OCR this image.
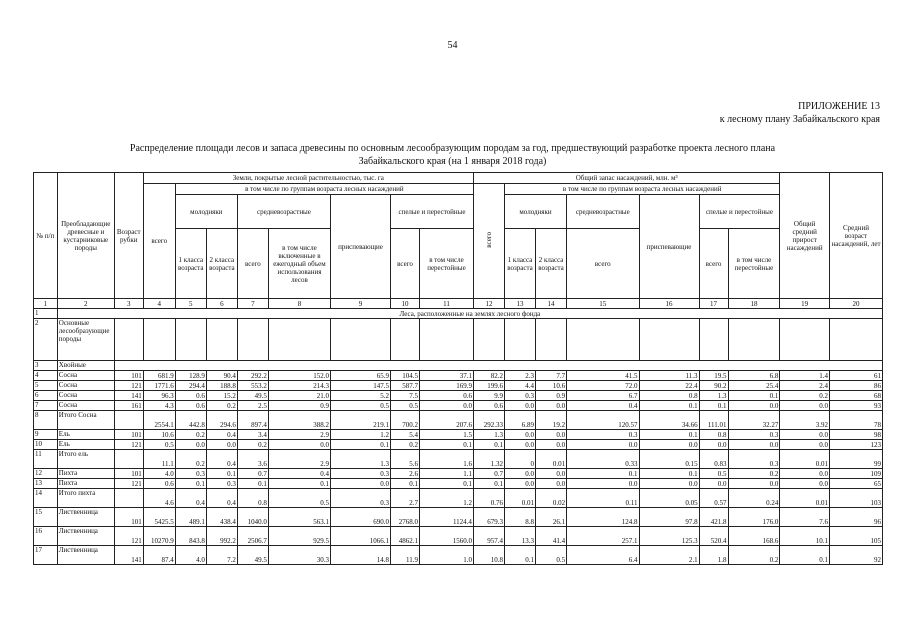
54
ПРИЛОЖЕНИЕ 13
к лесному плану Забайкальского края
Распределение площади лесов и запаса древесины по основным лесообразующим породам за год, предшествующий разработке проекта лесного плана
Забайкальского края (на 1 января 2018 года)
№ п/п	Преобладающие древесные и кустарниковые породы	Возраст рубки	Земли, покрытые лесной растительностью, тыс. га								Общий запас насаждений, млн. м³							Общий средний прирост насаждений	Средний возраст насаждений, лет
			всего	в том числе по группам возраста лесных насаждений							всего	в том числе по группам возраста лесных насаждений							
				молодняки		средневозрастные		приспевающие	спелые и перестойные			молодняки		средневозрастные	приспевающие	спелые и перестойные			
				1 класса возраста	2 класса возраста	всего	в том числе включенные в ежегодный объем использования лесов		всего	в том числе перестойные		1 класса возраста	2 класса возраста	всего		всего	в том числе перестойные		
1	2	3	4	5	6	7	8	9	10	11	12	13	14	15	16	17	18	19	20
1	Леса, расположенные на землях лесного фонда																		
2	Основные лесообразующие породы																		
3	Хвойные																		
4	Сосна	101	681.9	128.9	90.4	292.2	152.0	65.9	104.5	37.1	82.2	2.3	7.7	41.5	11.3	19.5	6.8	1.4	61
5	Сосна	121	1771.6	294.4	188.8	553.2	214.3	147.5	587.7	169.9	199.6	4.4	10.6	72.0	22.4	90.2	25.4	2.4	86
6	Сосна	141	96.3	0.6	15.2	49.5	21.0	5.2	7.5	0.6	9.9	0.3	0.9	6.7	0.8	1.3	0.1	0.2	68
7	Сосна	161	4.3	0.6	0.2	2.5	0.9	0.5	0.5	0.0	0.6	0.0	0.0	0.4	0.1	0.1	0.0	0.0	93
8	Итого Сосна		2554.1	442.8	294.6	897.4	388.2	219.1	700.2	207.6	292.33	6.89	19.2	120.57	34.66	111.01	32.27	3.92	78
9	Ель	101	10.6	0.2	0.4	3.4	2.9	1.2	5.4	1.5	1.3	0.0	0.0	0.3	0.1	0.8	0.3	0.0	98
10	Ель	121	0.5	0.0	0.0	0.2	0.0	0.1	0.2	0.1	0.1	0.0	0.0	0.0	0.0	0.0	0.0	0.0	123
11	Итого ель		11.1	0.2	0.4	3.6	2.9	1.3	5.6	1.6	1.32	0	0.01	0.33	0.15	0.83	0.3	0.01	99
12	Пихта	101	4.0	0.3	0.1	0.7	0.4	0.3	2.6	1.1	0.7	0.0	0.0	0.1	0.1	0.5	0.2	0.0	109
13	Пихта	121	0.6	0.1	0.3	0.1	0.1	0.0	0.1	0.1	0.1	0.0	0.0	0.0	0.0	0.0	0.0	0.0	65
14	Итого пихта		4.6	0.4	0.4	0.8	0.5	0.3	2.7	1.2	0.76	0.01	0.02	0.11	0.05	0.57	0.24	0.01	103
15	Лиственница	101	5425.5	489.1	438.4	1040.0	563.1	690.0	2768.0	1124.4	679.3	8.8	26.1	124.8	97.8	421.8	176.0	7.6	96
16	Лиственница	121	10270.9	843.8	992.2	2506.7	929.5	1066.1	4862.1	1560.0	957.4	13.3	41.4	257.1	125.3	520.4	168.6	10.1	105
17	Лиственница	141	87.4	4.0	7.2	49.5	30.3	14.8	11.9	1.0	10.8	0.1	0.5	6.4	2.1	1.8	0.2	0.1	92
